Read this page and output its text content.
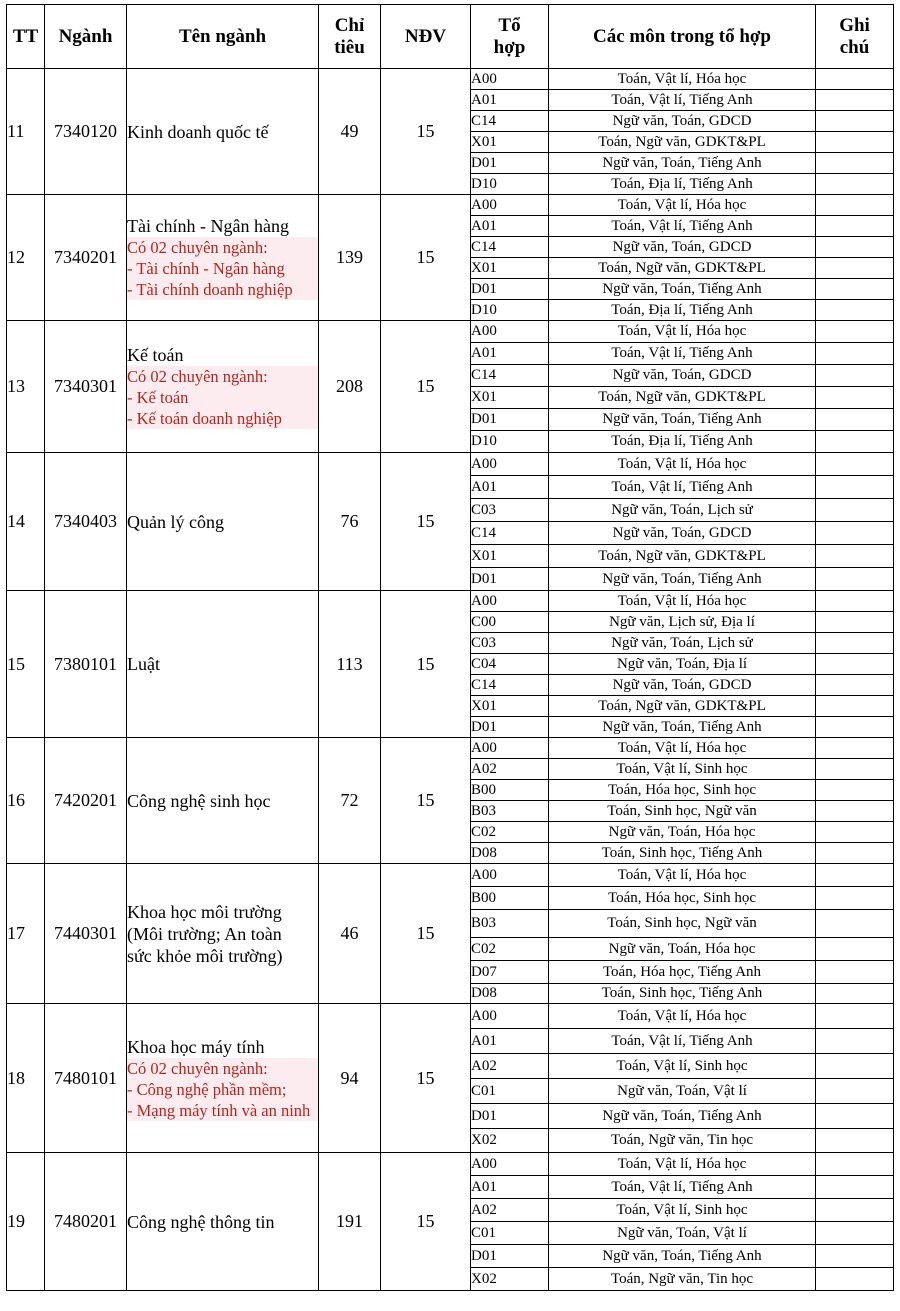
TT	Ngành	Tên ngành	Chỉ
tiêu	NĐV	Tổ
hợp	Các môn trong tổ hợp	Ghi
chú
11	7340120	Kinh doanh quốc tế	49	15	A00	Toán, Vật lí, Hóa học	
					A01	Toán, Vật lí, Tiếng Anh	
					C14	Ngữ văn, Toán, GDCD	
					X01	Toán, Ngữ văn, GDKT&PL	
					D01	Ngữ văn, Toán, Tiếng Anh	
					D10	Toán, Địa lí, Tiếng Anh	
12	7340201	Tài chính - Ngân hàng
Có 02 chuyên ngành:
- Tài chính - Ngân hàng
- Tài chính doanh nghiệp	139	15	A00	Toán, Vật lí, Hóa học	
					A01	Toán, Vật lí, Tiếng Anh	
					C14	Ngữ văn, Toán, GDCD	
					X01	Toán, Ngữ văn, GDKT&PL	
					D01	Ngữ văn, Toán, Tiếng Anh	
					D10	Toán, Địa lí, Tiếng Anh	
13	7340301	Kế toán
Có 02 chuyên ngành:
- Kế toán
- Kế toán doanh nghiệp	208	15	A00	Toán, Vật lí, Hóa học	
					A01	Toán, Vật lí, Tiếng Anh	
					C14	Ngữ văn, Toán, GDCD	
					X01	Toán, Ngữ văn, GDKT&PL	
					D01	Ngữ văn, Toán, Tiếng Anh	
					D10	Toán, Địa lí, Tiếng Anh	
14	7340403	Quản lý công	76	15	A00	Toán, Vật lí, Hóa học	
					A01	Toán, Vật lí, Tiếng Anh	
					C03	Ngữ văn, Toán, Lịch sử	
					C14	Ngữ văn, Toán, GDCD	
					X01	Toán, Ngữ văn, GDKT&PL	
					D01	Ngữ văn, Toán, Tiếng Anh	
15	7380101	Luật	113	15	A00	Toán, Vật lí, Hóa học	
					C00	Ngữ văn, Lịch sử, Địa lí	
					C03	Ngữ văn, Toán, Lịch sử	
					C04	Ngữ văn, Toán, Địa lí	
					C14	Ngữ văn, Toán, GDCD	
					X01	Toán, Ngữ văn, GDKT&PL	
					D01	Ngữ văn, Toán, Tiếng Anh	
16	7420201	Công nghệ sinh học	72	15	A00	Toán, Vật lí, Hóa học	
					A02	Toán, Vật lí, Sinh học	
					B00	Toán, Hóa học, Sinh học	
					B03	Toán, Sinh học, Ngữ văn	
					C02	Ngữ văn, Toán, Hóa học	
					D08	Toán, Sinh học, Tiếng Anh	
17	7440301	Khoa học môi trường
(Môi trường; An toàn
sức khỏe môi trường)	46	15	A00	Toán, Vật lí, Hóa học	
					B00	Toán, Hóa học, Sinh học	
					B03	Toán, Sinh học, Ngữ văn	
					C02	Ngữ văn, Toán, Hóa học	
					D07	Toán, Hóa học, Tiếng Anh	
					D08	Toán, Sinh học, Tiếng Anh	
18	7480101	Khoa học máy tính
Có 02 chuyên ngành:
- Công nghệ phần mềm;
- Mạng máy tính và an ninh	94	15	A00	Toán, Vật lí, Hóa học	
					A01	Toán, Vật lí, Tiếng Anh	
					A02	Toán, Vật lí, Sinh học	
					C01	Ngữ văn, Toán, Vật lí	
					D01	Ngữ văn, Toán, Tiếng Anh	
					X02	Toán, Ngữ văn, Tin học	
19	7480201	Công nghệ thông tin	191	15	A00	Toán, Vật lí, Hóa học	
					A01	Toán, Vật lí, Tiếng Anh	
					A02	Toán, Vật lí, Sinh học	
					C01	Ngữ văn, Toán, Vật lí	
					D01	Ngữ văn, Toán, Tiếng Anh	
					X02	Toán, Ngữ văn, Tin học	
